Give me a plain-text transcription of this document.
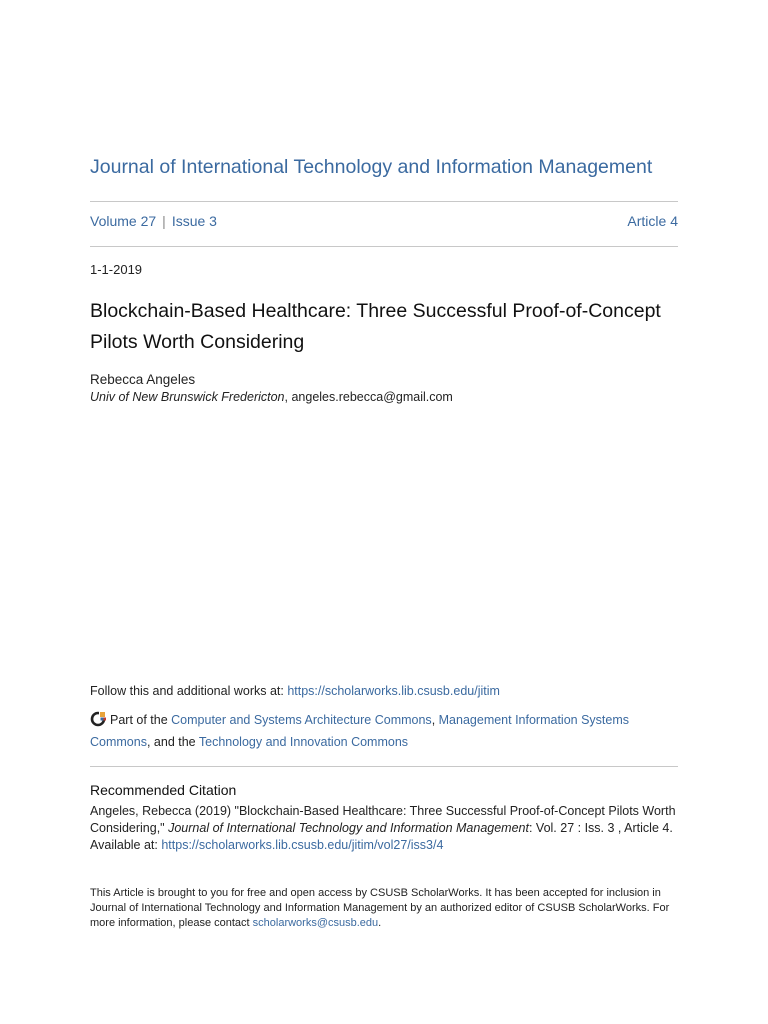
Journal of International Technology and Information Management
Volume 27 | Issue 3	Article 4
1-1-2019
Blockchain-Based Healthcare: Three Successful Proof-of-Concept
Pilots Worth Considering
Rebecca Angeles
Univ of New Brunswick Fredericton, angeles.rebecca@gmail.com
Follow this and additional works at: https://scholarworks.lib.csusb.edu/jitim
Part of the Computer and Systems Architecture Commons, Management Information Systems Commons, and the Technology and Innovation Commons
Recommended Citation
Angeles, Rebecca (2019) "Blockchain-Based Healthcare: Three Successful Proof-of-Concept Pilots Worth Considering," Journal of International Technology and Information Management: Vol. 27 : Iss. 3 , Article 4.
Available at: https://scholarworks.lib.csusb.edu/jitim/vol27/iss3/4
This Article is brought to you for free and open access by CSUSB ScholarWorks. It has been accepted for inclusion in Journal of International Technology and Information Management by an authorized editor of CSUSB ScholarWorks. For more information, please contact scholarworks@csusb.edu.
